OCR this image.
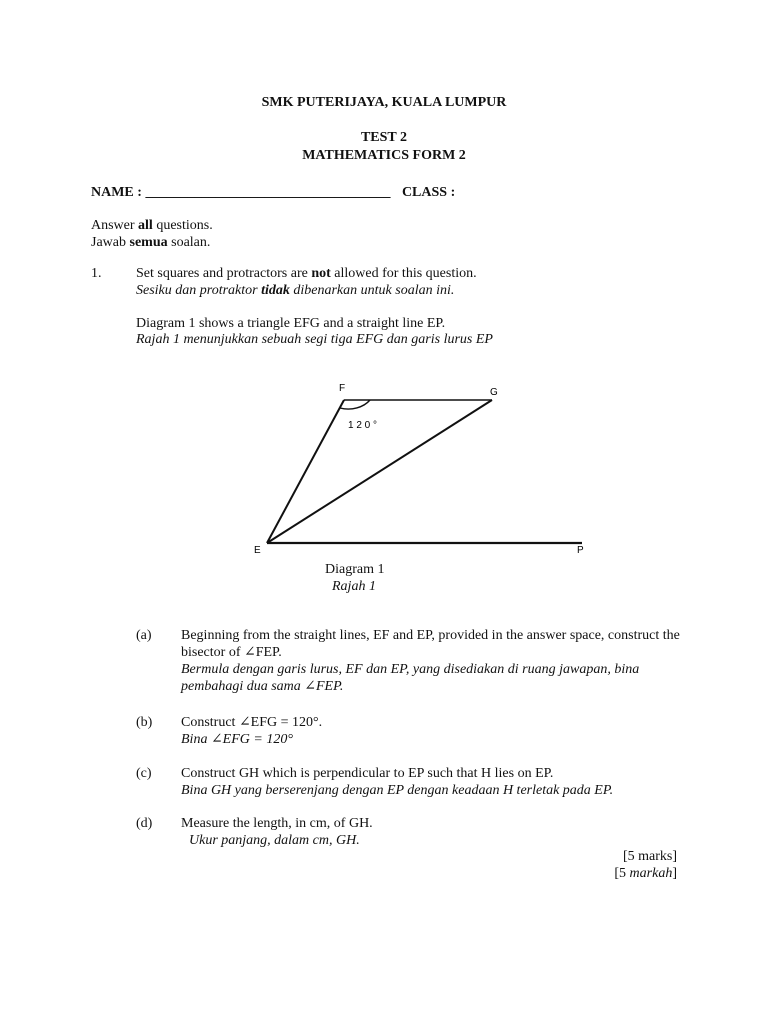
SMK PUTERIJAYA, KUALA LUMPUR
TEST 2
MATHEMATICS FORM 2
NAME : ___________________________________ CLASS :
Answer all questions.
Jawab semua soalan.
1. Set squares and protractors are not allowed for this question.
Sesiku dan protraktor tidak dibenarkan untuk soalan ini.
Diagram 1 shows a triangle EFG and a straight line EP.
Rajah 1 menunjukkan sebuah segi tiga EFG dan garis lurus EP
F	G
E	P
1 2 0 °
Diagram 1
Rajah 1
(a) Beginning from the straight lines, EF and EP, provided in the answer space, construct the
bisector of ∠FEP.
Bermula dengan garis lurus, EF dan EP, yang disediakan di ruang jawapan, bina
pembahagi dua sama ∠FEP.
(b) Construct ∠EFG = 120°.
Bina ∠EFG = 120°
(c) Construct GH which is perpendicular to EP such that H lies on EP.
Bina GH yang berserenjang dengan EP dengan keadaan H terletak pada EP.
(d) Measure the length, in cm, of GH.
Ukur panjang, dalam cm, GH.
[5 marks]
[5 markah]
